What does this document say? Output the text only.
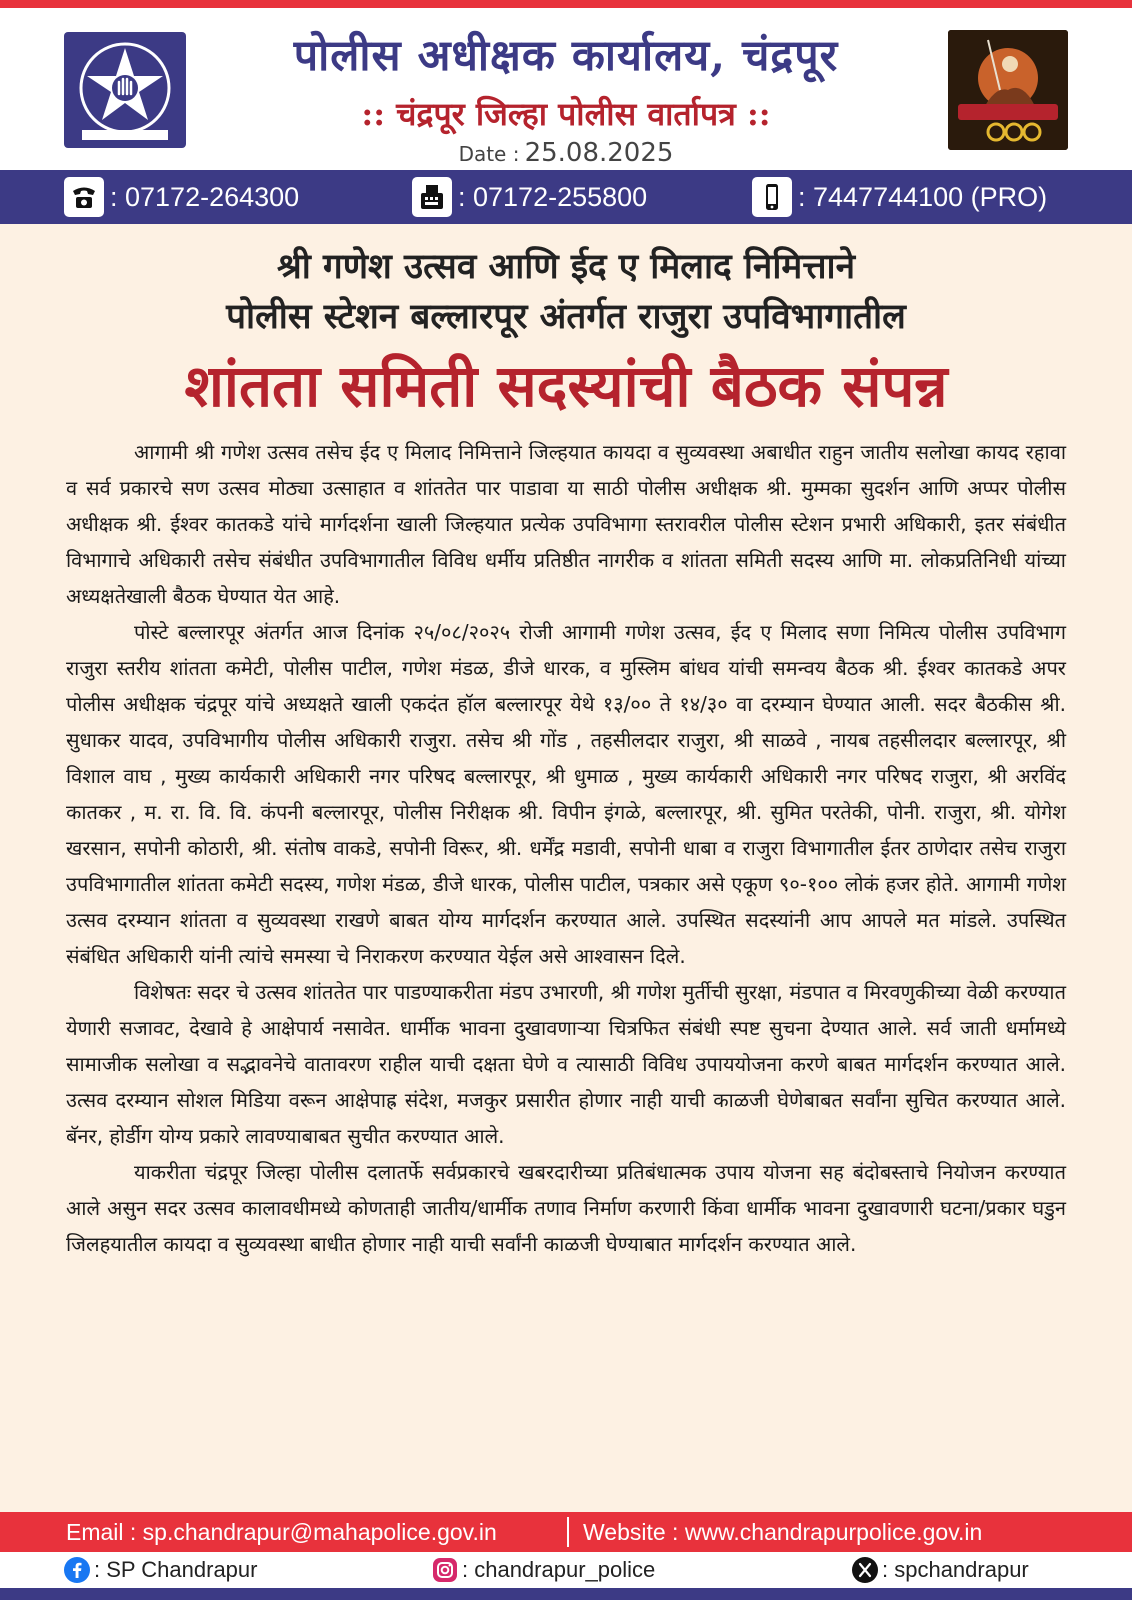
पोलीस अधीक्षक कार्यालय, चंद्रपूर
:: चंद्रपूर जिल्हा पोलीस वार्तापत्र ::
Date : 25.08.2025
: 07172-264300	: 07172-255800	: 7447744100 (PRO)
श्री गणेश उत्सव आणि ईद ए मिलाद निमित्ताने
पोलीस स्टेशन बल्लारपूर अंतर्गत राजुरा उपविभागातील
शांतता समिती सदस्यांची बैठक संपन्न

आगामी श्री गणेश उत्सव तसेच ईद ए मिलाद निमित्ताने जिल्हयात कायदा व सुव्यवस्था अबाधीत राहुन जातीय सलोखा कायद रहावा व सर्व प्रकारचे सण उत्सव मोठ्या उत्साहात व शांततेत पार पाडावा या साठी पोलीस अधीक्षक श्री. मुम्मका सुदर्शन आणि अप्पर पोलीस अधीक्षक श्री. ईश्वर कातकडे यांचे मार्गदर्शना खाली जिल्हयात प्रत्येक उपविभागा स्तरावरील पोलीस स्टेशन प्रभारी अधिकारी, इतर संबंधीत विभागाचे अधिकारी तसेच संबंधीत उपविभागातील विविध धर्मीय प्रतिष्ठीत नागरीक व शांतता समिती सदस्य आणि मा. लोकप्रतिनिधी यांच्या अध्यक्षतेखाली बैठक घेण्यात येत आहे.

पोस्टे बल्लारपूर अंतर्गत आज दिनांक २५/०८/२०२५ रोजी आगामी गणेश उत्सव, ईद ए मिलाद सणा निमित्य पोलीस उपविभाग राजुरा स्तरीय शांतता कमेटी, पोलीस पाटील, गणेश मंडळ, डीजे धारक, व मुस्लिम बांधव यांची समन्वय बैठक श्री. ईश्वर कातकडे अपर पोलीस अधीक्षक चंद्रपूर यांचे अध्यक्षते खाली एकदंत हॉल बल्लारपूर येथे १३/०० ते १४/३० वा दरम्यान घेण्यात आली. सदर बैठकीस श्री. सुधाकर यादव, उपविभागीय पोलीस अधिकारी राजुरा. तसेच श्री गोंड , तहसीलदार राजुरा, श्री साळवे , नायब तहसीलदार बल्लारपूर, श्री विशाल वाघ , मुख्य कार्यकारी अधिकारी नगर परिषद बल्लारपूर, श्री धुमाळ , मुख्य कार्यकारी अधिकारी नगर परिषद राजुरा, श्री अरविंद कातकर , म. रा. वि. वि. कंपनी बल्लारपूर, पोलीस निरीक्षक श्री. विपीन इंगळे, बल्लारपूर, श्री. सुमित परतेकी, पोनी. राजुरा, श्री. योगेश खरसान, सपोनी कोठारी, श्री. संतोष वाकडे, सपोनी विरूर, श्री. धर्मेंद्र मडावी, सपोनी धाबा व राजुरा विभागातील ईतर ठाणेदार तसेच राजुरा उपविभागातील शांतता कमेटी सदस्य, गणेश मंडळ, डीजे धारक, पोलीस पाटील, पत्रकार असे एकूण ९०-१०० लोकं हजर होते. आगामी गणेश उत्सव दरम्यान शांतता व सुव्यवस्था राखणे बाबत योग्य मार्गदर्शन करण्यात आले. उपस्थित सदस्यांनी आप आपले मत मांडले. उपस्थित संबंधित अधिकारी यांनी त्यांचे समस्या चे निराकरण करण्यात येईल असे आश्वासन दिले.

विशेषतः सदर चे उत्सव शांततेत पार पाडण्याकरीता मंडप उभारणी, श्री गणेश मुर्तीची सुरक्षा, मंडपात व मिरवणुकीच्या वेळी करण्यात येणारी सजावट, देखावे हे आक्षेपार्य नसावेत. धार्मीक भावना दुखावणाऱ्या चित्रफित संबंधी स्पष्ट सुचना देण्यात आले. सर्व जाती धर्मामध्ये सामाजीक सलोखा व सद्भावनेचे वातावरण राहील याची दक्षता घेणे व त्यासाठी विविध उपाययोजना करणे बाबत मार्गदर्शन करण्यात आले. उत्सव दरम्यान सोशल मिडिया वरून आक्षेपाह्र संदेश, मजकुर प्रसारीत होणार नाही याची काळजी घेणेबाबत सर्वांना सुचित करण्यात आले. बॅनर, होर्डीग योग्य प्रकारे लावण्याबाबत सुचीत करण्यात आले.

याकरीता चंद्रपूर जिल्हा पोलीस दलातर्फे सर्वप्रकारचे खबरदारीच्या प्रतिबंधात्मक उपाय योजना सह बंदोबस्ताचे नियोजन करण्यात आले असुन सदर उत्सव कालावधीमध्ये कोणताही जातीय/धार्मीक तणाव निर्माण करणारी किंवा धार्मीक भावना दुखावणारी घटना/प्रकार घडुन जिलहयातील कायदा व सुव्यवस्था बाधीत होणार नाही याची सर्वांनी काळजी घेण्याबात मार्गदर्शन करण्यात आले.

Email : sp.chandrapur@mahapolice.gov.in	Website : www.chandrapurpolice.gov.in
: SP Chandrapur	: chandrapur_police	: spchandrapur
